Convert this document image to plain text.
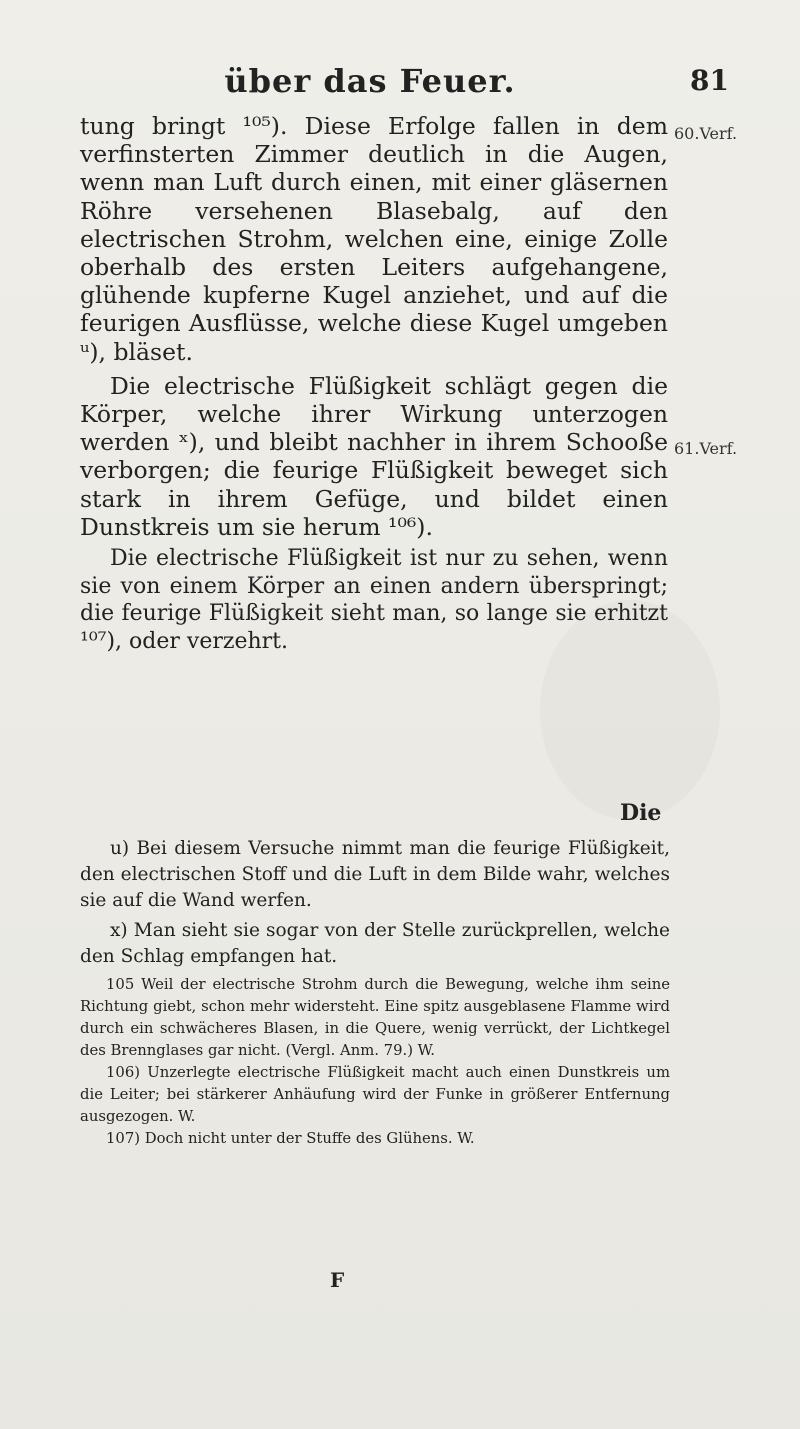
über das Feuer.	81
60.Verf.
61.Verf.

tung bringt ¹⁰⁵). Diese Erfolge fallen in dem verfinsterten Zimmer deutlich in die Augen, wenn man Luft durch einen, mit einer gläsernen Röhre versehenen Blasebalg, auf den electrischen Strohm, welchen eine, einige Zolle oberhalb des ersten Leiters aufgehangene, glühende kupferne Kugel anziehet, und auf die feurigen Ausflüsse, welche diese Kugel umgeben ᵘ), bläset.

Die electrische Flüßigkeit schlägt gegen die Körper, welche ihrer Wirkung unterzogen werden ˣ), und bleibt nachher in ihrem Schooße verborgen; die feurige Flüßigkeit beweget sich stark in ihrem Gefüge, und bildet einen Dunstkreis um sie herum ¹⁰⁶).

Die electrische Flüßigkeit ist nur zu sehen, wenn sie von einem Körper an einen andern überspringt; die feurige Flüßigkeit sieht man, so lange sie erhitzt ¹⁰⁷), oder verzehrt.

Die

u) Bei diesem Versuche nimmt man die feurige Flüßigkeit, den electrischen Stoff und die Luft in dem Bilde wahr, welches sie auf die Wand werfen.

x) Man sieht sie sogar von der Stelle zurückprellen, welche den Schlag empfangen hat.

105 Weil der electrische Strohm durch die Bewegung, welche ihm seine Richtung giebt, schon mehr widersteht. Eine spitz ausgeblasene Flamme wird durch ein schwächeres Blasen, in die Quere, wenig verrückt, der Lichtkegel des Brennglases gar nicht. (Vergl. Anm. 79.) W.

106) Unzerlegte electrische Flüßigkeit macht auch einen Dunstkreis um die Leiter; bei stärkerer Anhäufung wird der Funke in größerer Entfernung ausgezogen. W.

107) Doch nicht unter der Stuffe des Glühens. W.

F
